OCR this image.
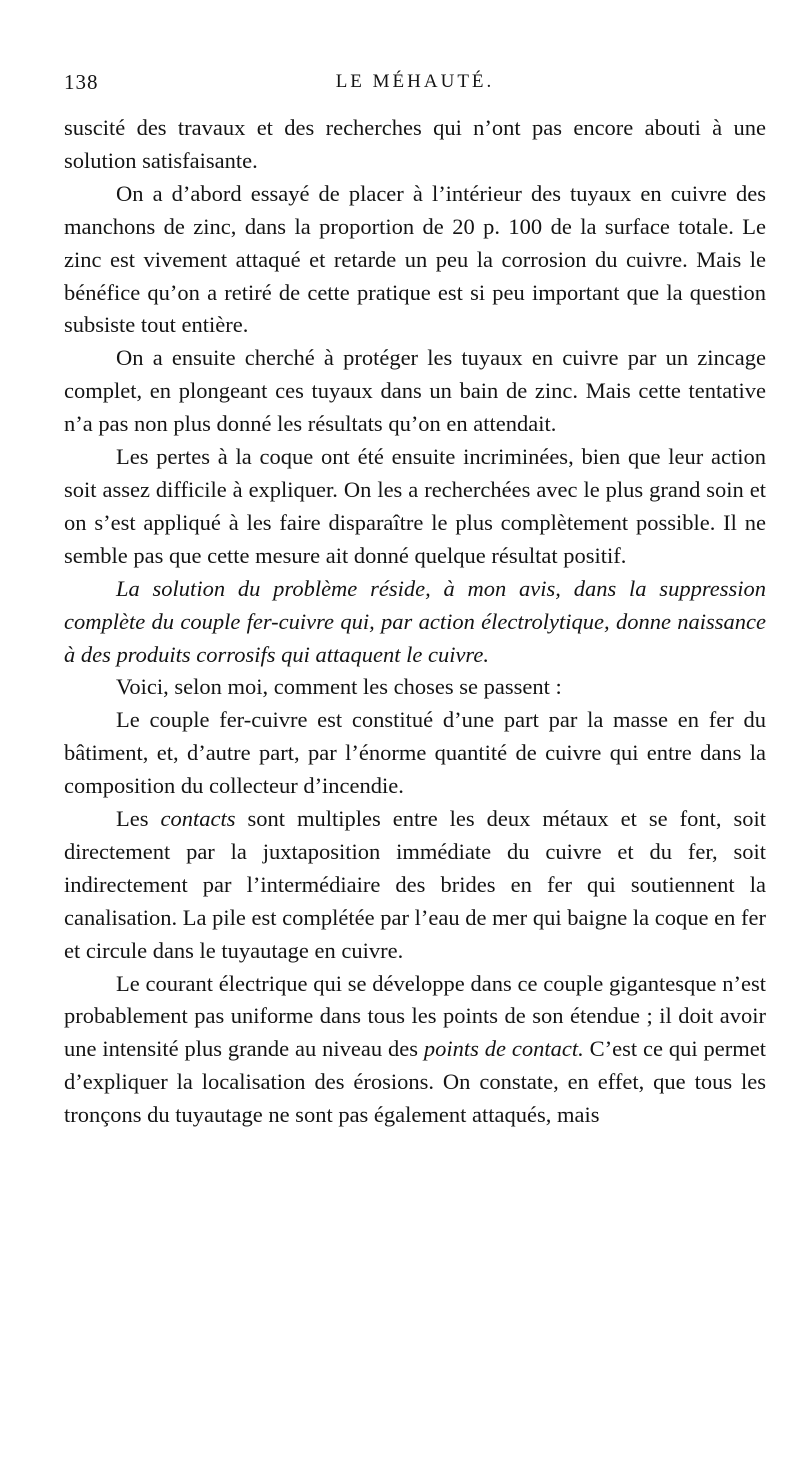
138	LE MÉHAUTÉ.

suscité des travaux et des recherches qui n’ont pas encore abouti à une solution satisfaisante.

On a d’abord essayé de placer à l’intérieur des tuyaux en cuivre des manchons de zinc, dans la proportion de 20 p. 100 de la surface totale. Le zinc est vivement attaqué et retarde un peu la corrosion du cuivre. Mais le bénéfice qu’on a retiré de cette pratique est si peu important que la question subsiste tout entière.

On a ensuite cherché à protéger les tuyaux en cuivre par un zincage complet, en plongeant ces tuyaux dans un bain de zinc. Mais cette tentative n’a pas non plus donné les résultats qu’on en attendait.

Les pertes à la coque ont été ensuite incriminées, bien que leur action soit assez difficile à expliquer. On les a recherchées avec le plus grand soin et on s’est appliqué à les faire disparaître le plus complètement possible. Il ne semble pas que cette mesure ait donné quelque résultat positif.

La solution du problème réside, à mon avis, dans la suppression complète du couple fer-cuivre qui, par action électrolytique, donne naissance à des produits corrosifs qui attaquent le cuivre.

Voici, selon moi, comment les choses se passent :

Le couple fer-cuivre est constitué d’une part par la masse en fer du bâtiment, et, d’autre part, par l’énorme quantité de cuivre qui entre dans la composition du collecteur d’incendie.

Les contacts sont multiples entre les deux métaux et se font, soit directement par la juxtaposition immédiate du cuivre et du fer, soit indirectement par l’intermédiaire des brides en fer qui soutiennent la canalisation. La pile est complétée par l’eau de mer qui baigne la coque en fer et circule dans le tuyautage en cuivre.

Le courant électrique qui se développe dans ce couple gigantesque n’est probablement pas uniforme dans tous les points de son étendue ; il doit avoir une intensité plus grande au niveau des points de contact. C’est ce qui permet d’expliquer la localisation des érosions. On constate, en effet, que tous les tronçons du tuyautage ne sont pas également attaqués, mais
